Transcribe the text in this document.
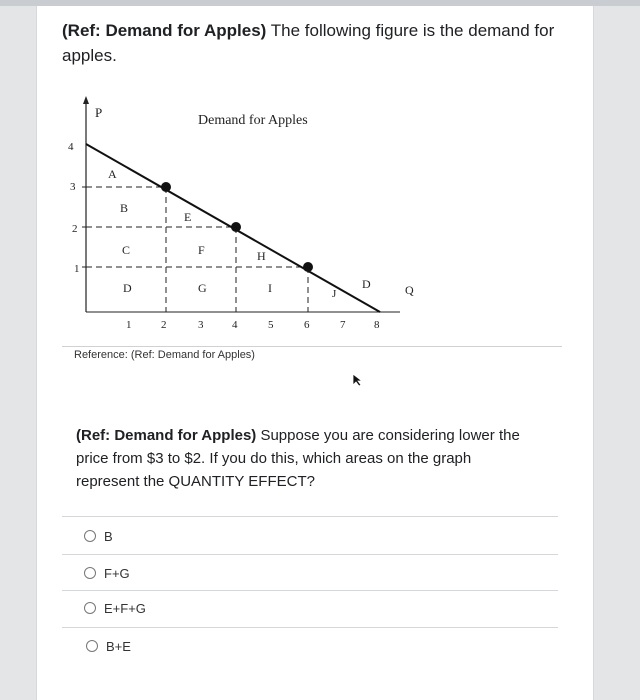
(Ref: Demand for Apples) The following figure is the demand for apples.
P
Demand for Apples
4
3
2
1
A
B
C
D
E
F
G
H
I	J
D	Q
1	2	3	4	5	6	7	8
Reference: (Ref: Demand for Apples)
(Ref: Demand for Apples) Suppose you are considering lower the price from $3 to $2. If you do this, which areas on the graph represent the QUANTITY EFFECT?
B
F+G
E+F+G
B+E
